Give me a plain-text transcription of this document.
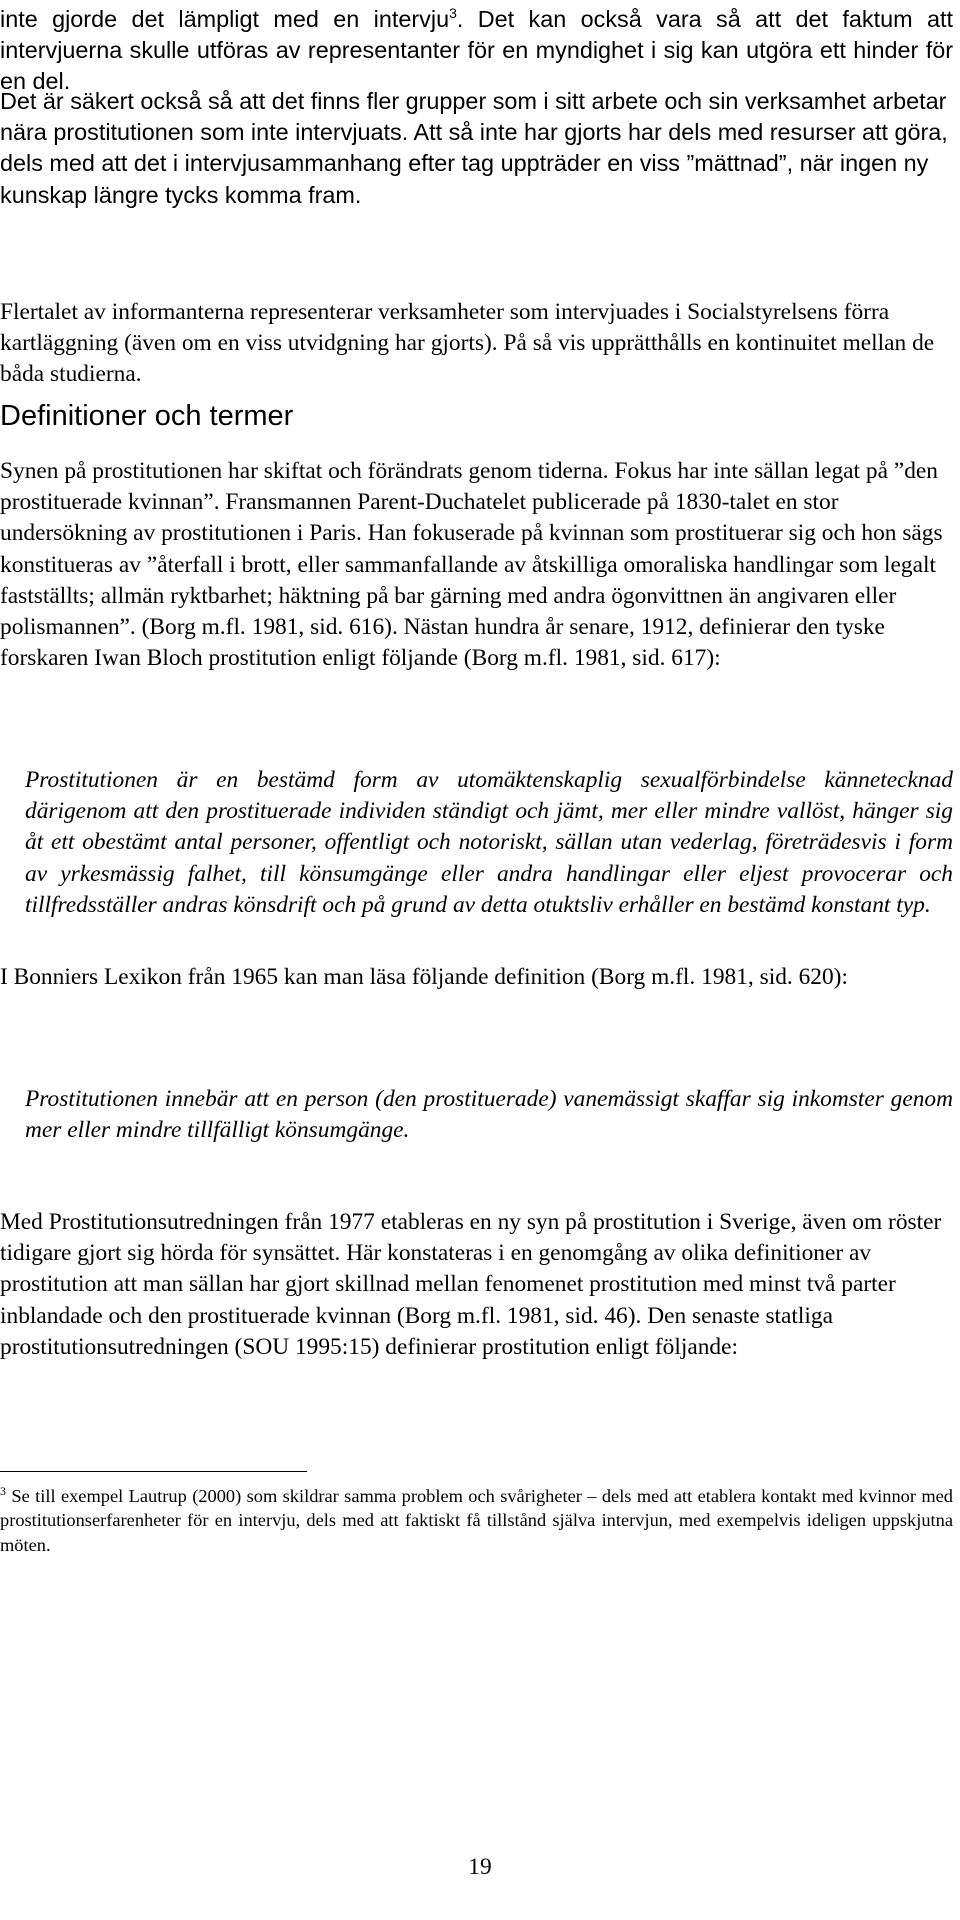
inte gjorde det lämpligt med en intervju$^3$. Det kan också vara så att det faktum att intervjuerna skulle utföras av representanter för en myndighet i sig kan utgöra ett hinder för en del.

Det är säkert också så att det finns fler grupper som i sitt arbete och sin verksamhet arbetar nära prostitutionen som inte intervjuats. Att så inte har gjorts har dels med resurser att göra, dels med att det i intervjusammanhang efter tag uppträder en viss ”mättnad”, när ingen ny kunskap längre tycks komma fram.

Flertalet av informanterna representerar verksamheter som intervjuades i Socialstyrelsens förra kartläggning (även om en viss utvidgning har gjorts). På så vis upprätthålls en kontinuitet mellan de båda studierna.

Definitioner och termer

Synen på prostitutionen har skiftat och förändrats genom tiderna. Fokus har inte sällan legat på ”den prostituerade kvinnan”. Fransmannen Parent-Duchatelet publicerade på 1830-talet en stor undersökning av prostitutionen i Paris. Han fokuserade på kvinnan som prostituerar sig och hon sägs konstitueras av ”återfall i brott, eller sammanfallande av åtskilliga omoraliska handlingar som legalt fastställts; allmän ryktbarhet; häktning på bar gärning med andra ögonvittnen än angivaren eller polismannen”. (Borg m.fl. 1981, sid. 616). Nästan hundra år senare, 1912, definierar den tyske forskaren Iwan Bloch prostitution enligt följande (Borg m.fl. 1981, sid. 617):

Prostitutionen är en bestämd form av utomäktenskaplig sexualförbindelse kännetecknad därigenom att den prostituerade individen ständigt och jämt, mer eller mindre vallöst, hänger sig åt ett obestämt antal personer, offentligt och notoriskt, sällan utan vederlag, företrädesvis i form av yrkesmässig falhet, till könsumgänge eller andra handlingar eller eljest provocerar och tillfredsställer andras könsdrift och på grund av detta otuktsliv erhåller en bestämd konstant typ.

I Bonniers Lexikon från 1965 kan man läsa följande definition (Borg m.fl. 1981, sid. 620):

Prostitutionen innebär att en person (den prostituerade) vanemässigt skaffar sig inkomster genom mer eller mindre tillfälligt könsumgänge.

Med Prostitutionsutredningen från 1977 etableras en ny syn på prostitution i Sverige, även om röster tidigare gjort sig hörda för synsättet. Här konstateras i en genomgång av olika definitioner av prostitution att man sällan har gjort skillnad mellan fenomenet prostitution med minst två parter inblandade och den prostituerade kvinnan (Borg m.fl. 1981, sid. 46). Den senaste statliga prostitutionsutredningen (SOU 1995:15) definierar prostitution enligt följande:

$^3$ Se till exempel Lautrup (2000) som skildrar samma problem och svårigheter – dels med att etablera kontakt med kvinnor med prostitutionserfarenheter för en intervju, dels med att faktiskt få tillstånd själva intervjun, med exempelvis ideligen uppskjutna möten.

19
